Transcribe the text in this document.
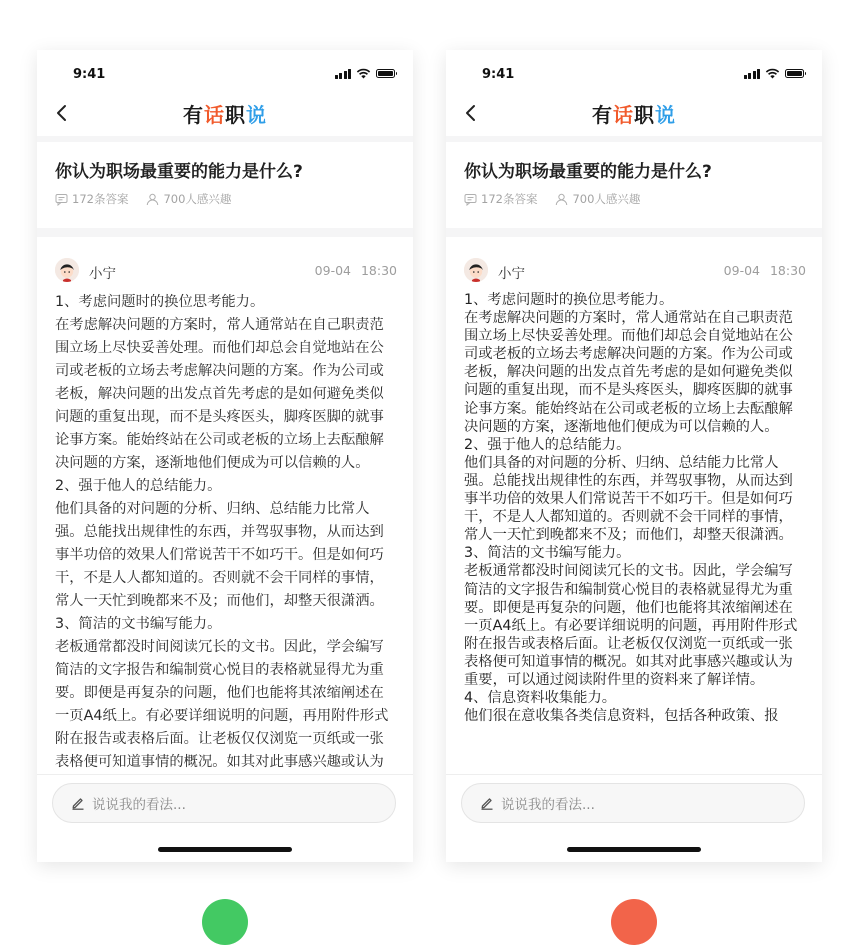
9:41
有话职说
你认为职场最重要的能力是什么?
172条答案	700人感兴趣
小宁	09-04 18:30

1、考虑问题时的换位思考能力。

在考虑解决问题的方案时，常人通常站在自己职责范围立场上尽快妥善处理。而他们却总会自觉地站在公司或老板的立场去考虑解决问题的方案。作为公司或老板，解决问题的出发点首先考虑的是如何避免类似问题的重复出现，而不是头疼医头，脚疼医脚的就事论事方案。能始终站在公司或老板的立场上去酝酿解决问题的方案，逐渐地他们便成为可以信赖的人。

2、强于他人的总结能力。

他们具备的对问题的分析、归纳、总结能力比常人强。总能找出规律性的东西，并驾驭事物，从而达到事半功倍的效果人们常说苦干不如巧干。但是如何巧干，不是人人都知道的。否则就不会干同样的事情，常人一天忙到晚都来不及；而他们，却整天很潇洒。

3、简洁的文书编写能力。

老板通常都没时间阅读冗长的文书。因此，学会编写简洁的文字报告和编制赏心悦目的表格就显得尤为重要。即便是再复杂的问题，他们也能将其浓缩阐述在一页A4纸上。有必要详细说明的问题，再用附件形式附在报告或表格后面。让老板仅仅浏览一页纸或一张表格便可知道事情的概况。如其对此事感兴趣或认为

说说我的看法...
9:41
有话职说
你认为职场最重要的能力是什么?
172条答案	700人感兴趣
小宁	09-04 18:30

1、考虑问题时的换位思考能力。

在考虑解决问题的方案时，常人通常站在自己职责范围立场上尽快妥善处理。而他们却总会自觉地站在公司或老板的立场去考虑解决问题的方案。作为公司或老板，解决问题的出发点首先考虑的是如何避免类似问题的重复出现，而不是头疼医头，脚疼医脚的就事论事方案。能始终站在公司或老板的立场上去酝酿解决问题的方案，逐渐地他们便成为可以信赖的人。

2、强于他人的总结能力。

他们具备的对问题的分析、归纳、总结能力比常人强。总能找出规律性的东西，并驾驭事物，从而达到事半功倍的效果人们常说苦干不如巧干。但是如何巧干，不是人人都知道的。否则就不会干同样的事情，常人一天忙到晚都来不及；而他们，却整天很潇洒。

3、简洁的文书编写能力。

老板通常都没时间阅读冗长的文书。因此，学会编写简洁的文字报告和编制赏心悦目的表格就显得尤为重要。即便是再复杂的问题，他们也能将其浓缩阐述在一页A4纸上。有必要详细说明的问题，再用附件形式附在报告或表格后面。让老板仅仅浏览一页纸或一张表格便可知道事情的概况。如其对此事感兴趣或认为重要，可以通过阅读附件里的资料来了解详情。

4、信息资料收集能力。

他们很在意收集各类信息资料，包括各种政策、报

说说我的看法...
